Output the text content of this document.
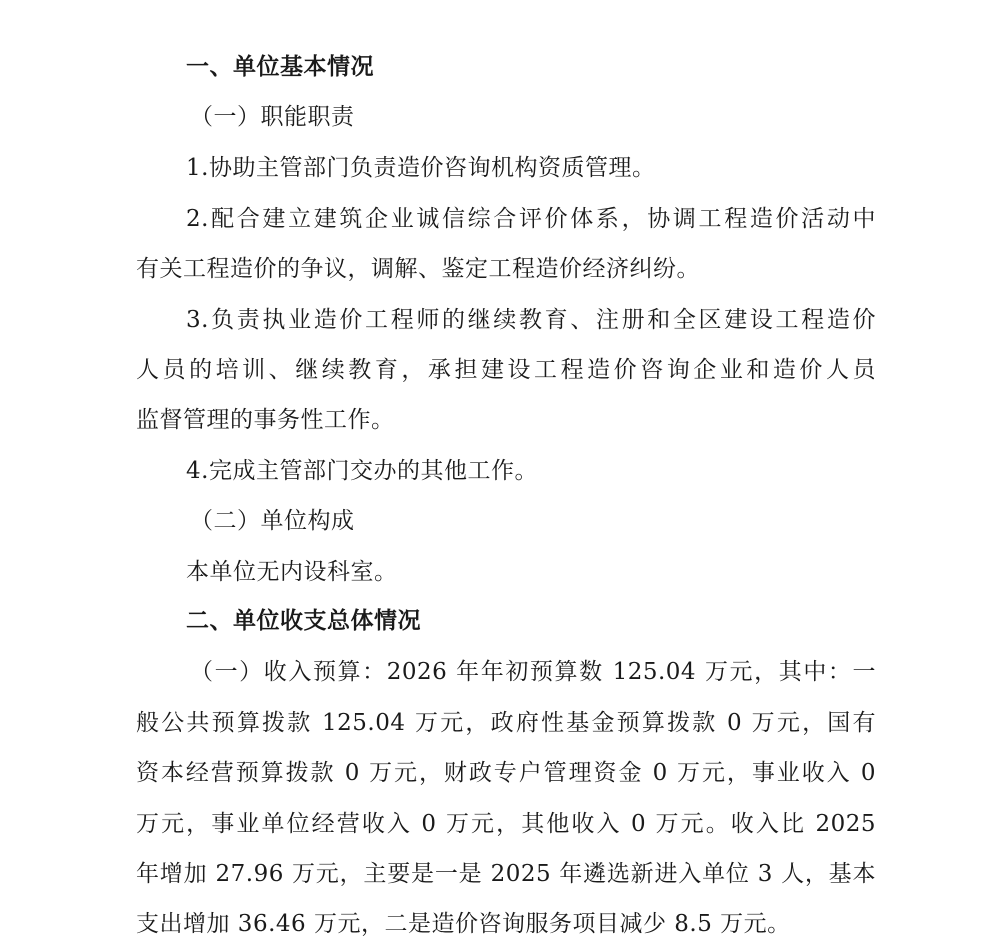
一、单位基本情况
（一）职能职责
1.协助主管部门负责造价咨询机构资质管理。
2.配合建立建筑企业诚信综合评价体系，协调工程造价活动中
有关工程造价的争议，调解、鉴定工程造价经济纠纷。
3.负责执业造价工程师的继续教育、注册和全区建设工程造价
人员的培训、继续教育，承担建设工程造价咨询企业和造价人员
监督管理的事务性工作。
4.完成主管部门交办的其他工作。
（二）单位构成
本单位无内设科室。
二、单位收支总体情况
（一）收入预算：2026 年年初预算数 125.04 万元，其中：一
般公共预算拨款 125.04 万元，政府性基金预算拨款 0 万元，国有
资本经营预算拨款 0 万元，财政专户管理资金 0 万元，事业收入 0
万元，事业单位经营收入 0 万元，其他收入 0 万元。收入比 2025
年增加 27.96 万元，主要是一是 2025 年遴选新进入单位 3 人，基本
支出增加 36.46 万元，二是造价咨询服务项目减少 8.5 万元。
